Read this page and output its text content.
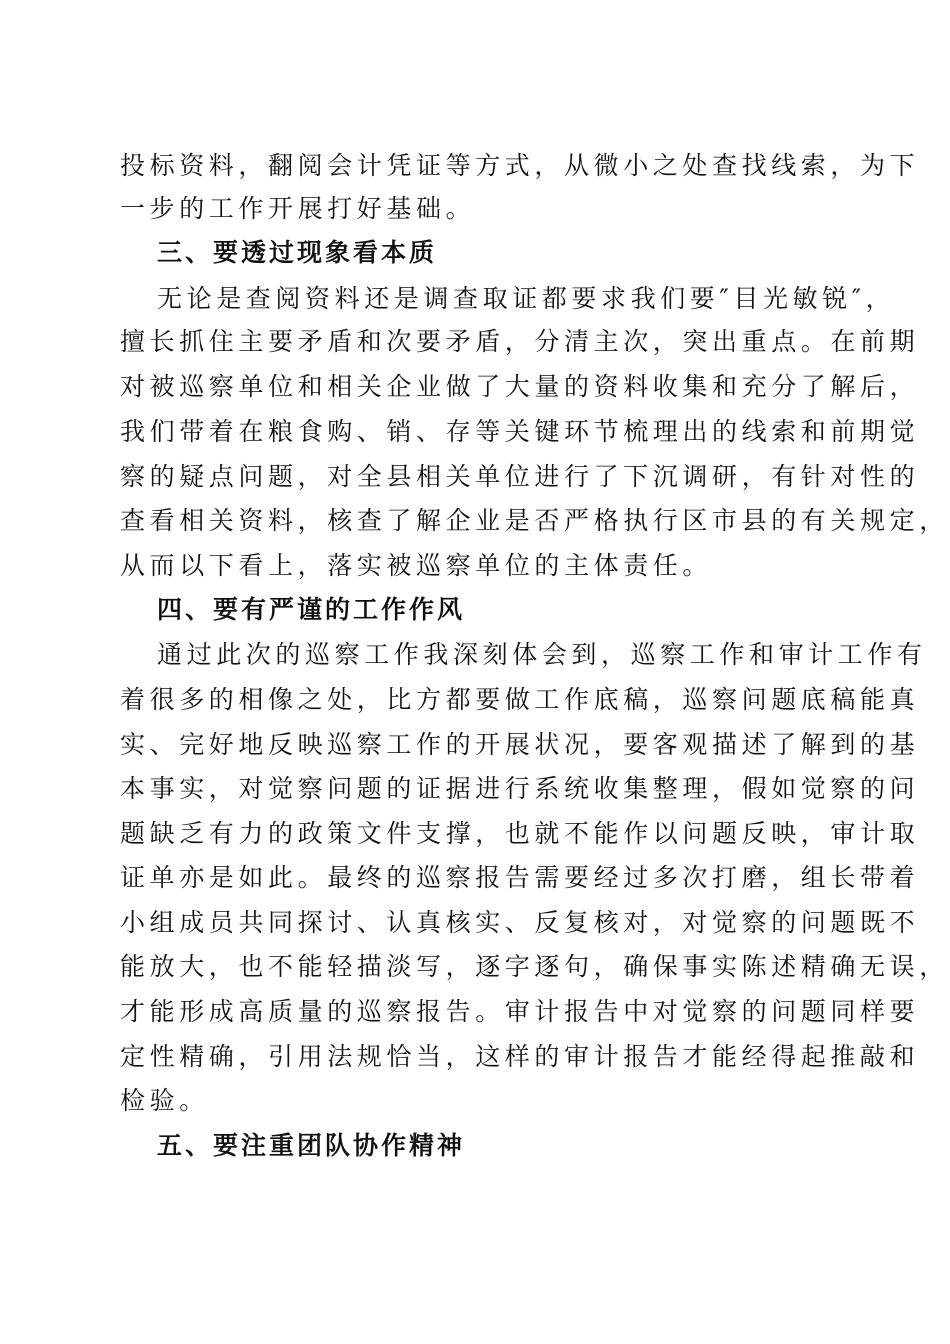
投标资料，翻阅会计凭证等方式，从微小之处查找线索，为下
一步的工作开展打好基础。
三、要透过现象看本质
无论是查阅资料还是调查取证都要求我们要″目光敏锐″，
擅长抓住主要矛盾和次要矛盾，分清主次，突出重点。在前期
对被巡察单位和相关企业做了大量的资料收集和充分了解后，
我们带着在粮食购、销、存等关键环节梳理出的线索和前期觉
察的疑点问题，对全县相关单位进行了下沉调研，有针对性的
查看相关资料，核查了解企业是否严格执行区市县的有关规定，
从而以下看上，落实被巡察单位的主体责任。
四、要有严谨的工作作风
通过此次的巡察工作我深刻体会到，巡察工作和审计工作有
着很多的相像之处，比方都要做工作底稿，巡察问题底稿能真
实、完好地反映巡察工作的开展状况，要客观描述了解到的基
本事实，对觉察问题的证据进行系统收集整理，假如觉察的问
题缺乏有力的政策文件支撑，也就不能作以问题反映，审计取
证单亦是如此。最终的巡察报告需要经过多次打磨，组长带着
小组成员共同探讨、认真核实、反复核对，对觉察的问题既不
能放大，也不能轻描淡写，逐字逐句，确保事实陈述精确无误，
才能形成高质量的巡察报告。审计报告中对觉察的问题同样要
定性精确，引用法规恰当，这样的审计报告才能经得起推敲和
检验。
五、要注重团队协作精神
